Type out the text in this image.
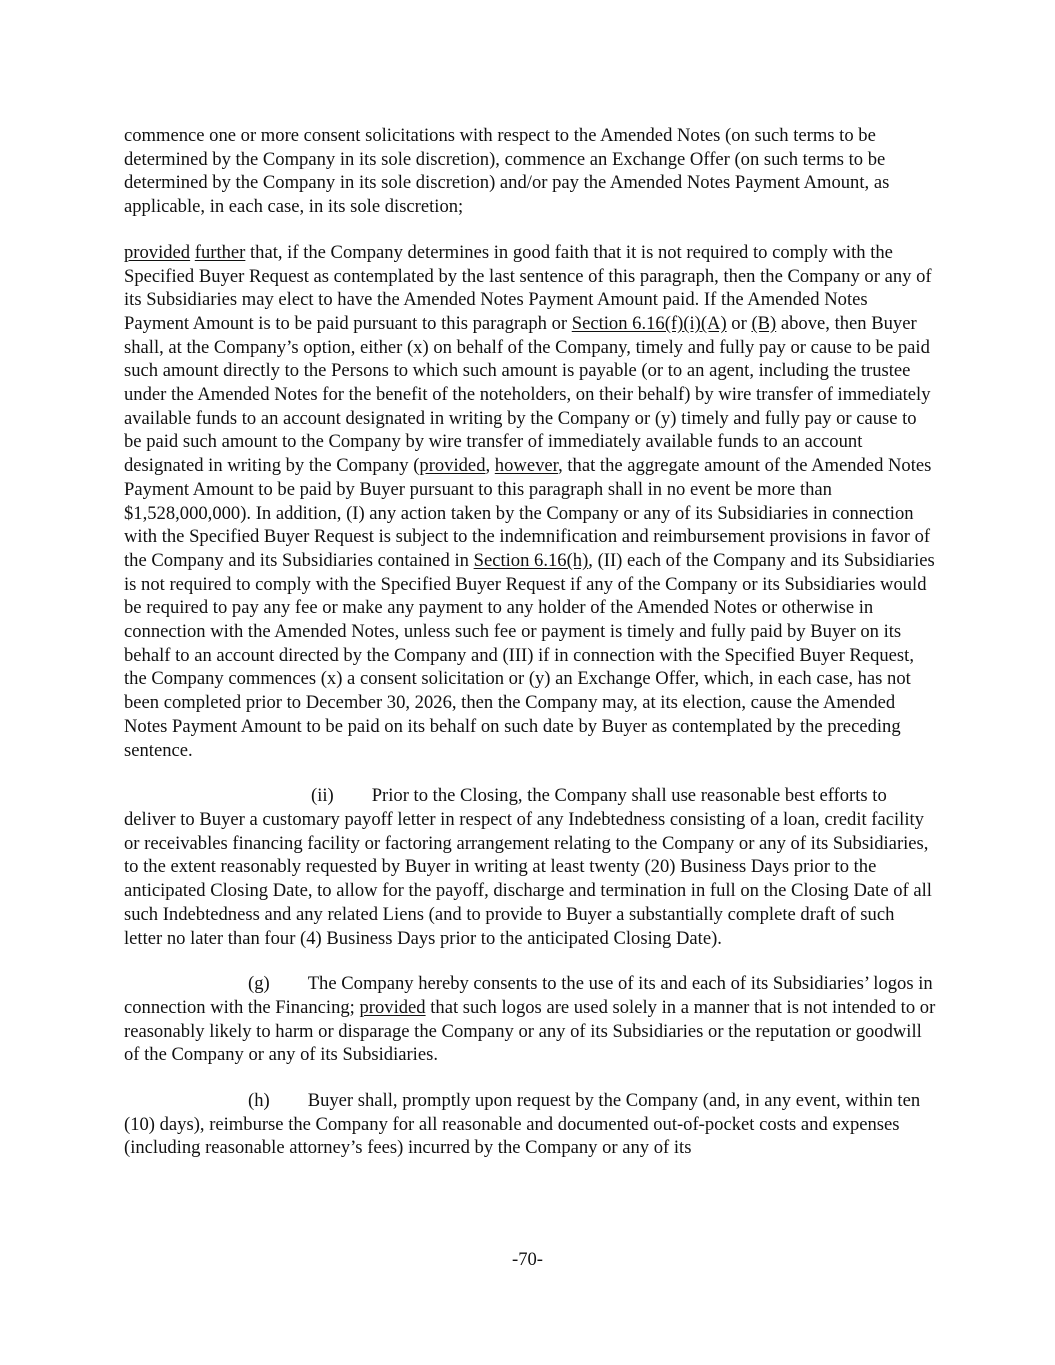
commence one or more consent solicitations with respect to the Amended Notes (on such terms to be determined by the Company in its sole discretion), commence an Exchange Offer (on such terms to be determined by the Company in its sole discretion) and/or pay the Amended Notes Payment Amount, as applicable, in each case, in its sole discretion;

provided further that, if the Company determines in good faith that it is not required to comply with the Specified Buyer Request as contemplated by the last sentence of this paragraph, then the Company or any of its Subsidiaries may elect to have the Amended Notes Payment Amount paid. If the Amended Notes Payment Amount is to be paid pursuant to this paragraph or Section 6.16(f)(i)(A) or (B) above, then Buyer shall, at the Company’s option, either (x) on behalf of the Company, timely and fully pay or cause to be paid such amount directly to the Persons to which such amount is payable (or to an agent, including the trustee under the Amended Notes for the benefit of the noteholders, on their behalf) by wire transfer of immediately available funds to an account designated in writing by the Company or (y) timely and fully pay or cause to be paid such amount to the Company by wire transfer of immediately available funds to an account designated in writing by the Company (provided, however, that the aggregate amount of the Amended Notes Payment Amount to be paid by Buyer pursuant to this paragraph shall in no event be more than $1,528,000,000). In addition, (I) any action taken by the Company or any of its Subsidiaries in connection with the Specified Buyer Request is subject to the indemnification and reimbursement provisions in favor of the Company and its Subsidiaries contained in Section 6.16(h), (II) each of the Company and its Subsidiaries is not required to comply with the Specified Buyer Request if any of the Company or its Subsidiaries would be required to pay any fee or make any payment to any holder of the Amended Notes or otherwise in connection with the Amended Notes, unless such fee or payment is timely and fully paid by Buyer on its behalf to an account directed by the Company and (III) if in connection with the Specified Buyer Request, the Company commences (x) a consent solicitation or (y) an Exchange Offer, which, in each case, has not been completed prior to December 30, 2026, then the Company may, at its election, cause the Amended Notes Payment Amount to be paid on its behalf on such date by Buyer as contemplated by the preceding sentence.

(ii) Prior to the Closing, the Company shall use reasonable best efforts to deliver to Buyer a customary payoff letter in respect of any Indebtedness consisting of a loan, credit facility or receivables financing facility or factoring arrangement relating to the Company or any of its Subsidiaries, to the extent reasonably requested by Buyer in writing at least twenty (20) Business Days prior to the anticipated Closing Date, to allow for the payoff, discharge and termination in full on the Closing Date of all such Indebtedness and any related Liens (and to provide to Buyer a substantially complete draft of such letter no later than four (4) Business Days prior to the anticipated Closing Date).

(g) The Company hereby consents to the use of its and each of its Subsidiaries’ logos in connection with the Financing; provided that such logos are used solely in a manner that is not intended to or reasonably likely to harm or disparage the Company or any of its Subsidiaries or the reputation or goodwill of the Company or any of its Subsidiaries.

(h) Buyer shall, promptly upon request by the Company (and, in any event, within ten (10) days), reimburse the Company for all reasonable and documented out-of-pocket costs and expenses (including reasonable attorney’s fees) incurred by the Company or any of its

-70-
